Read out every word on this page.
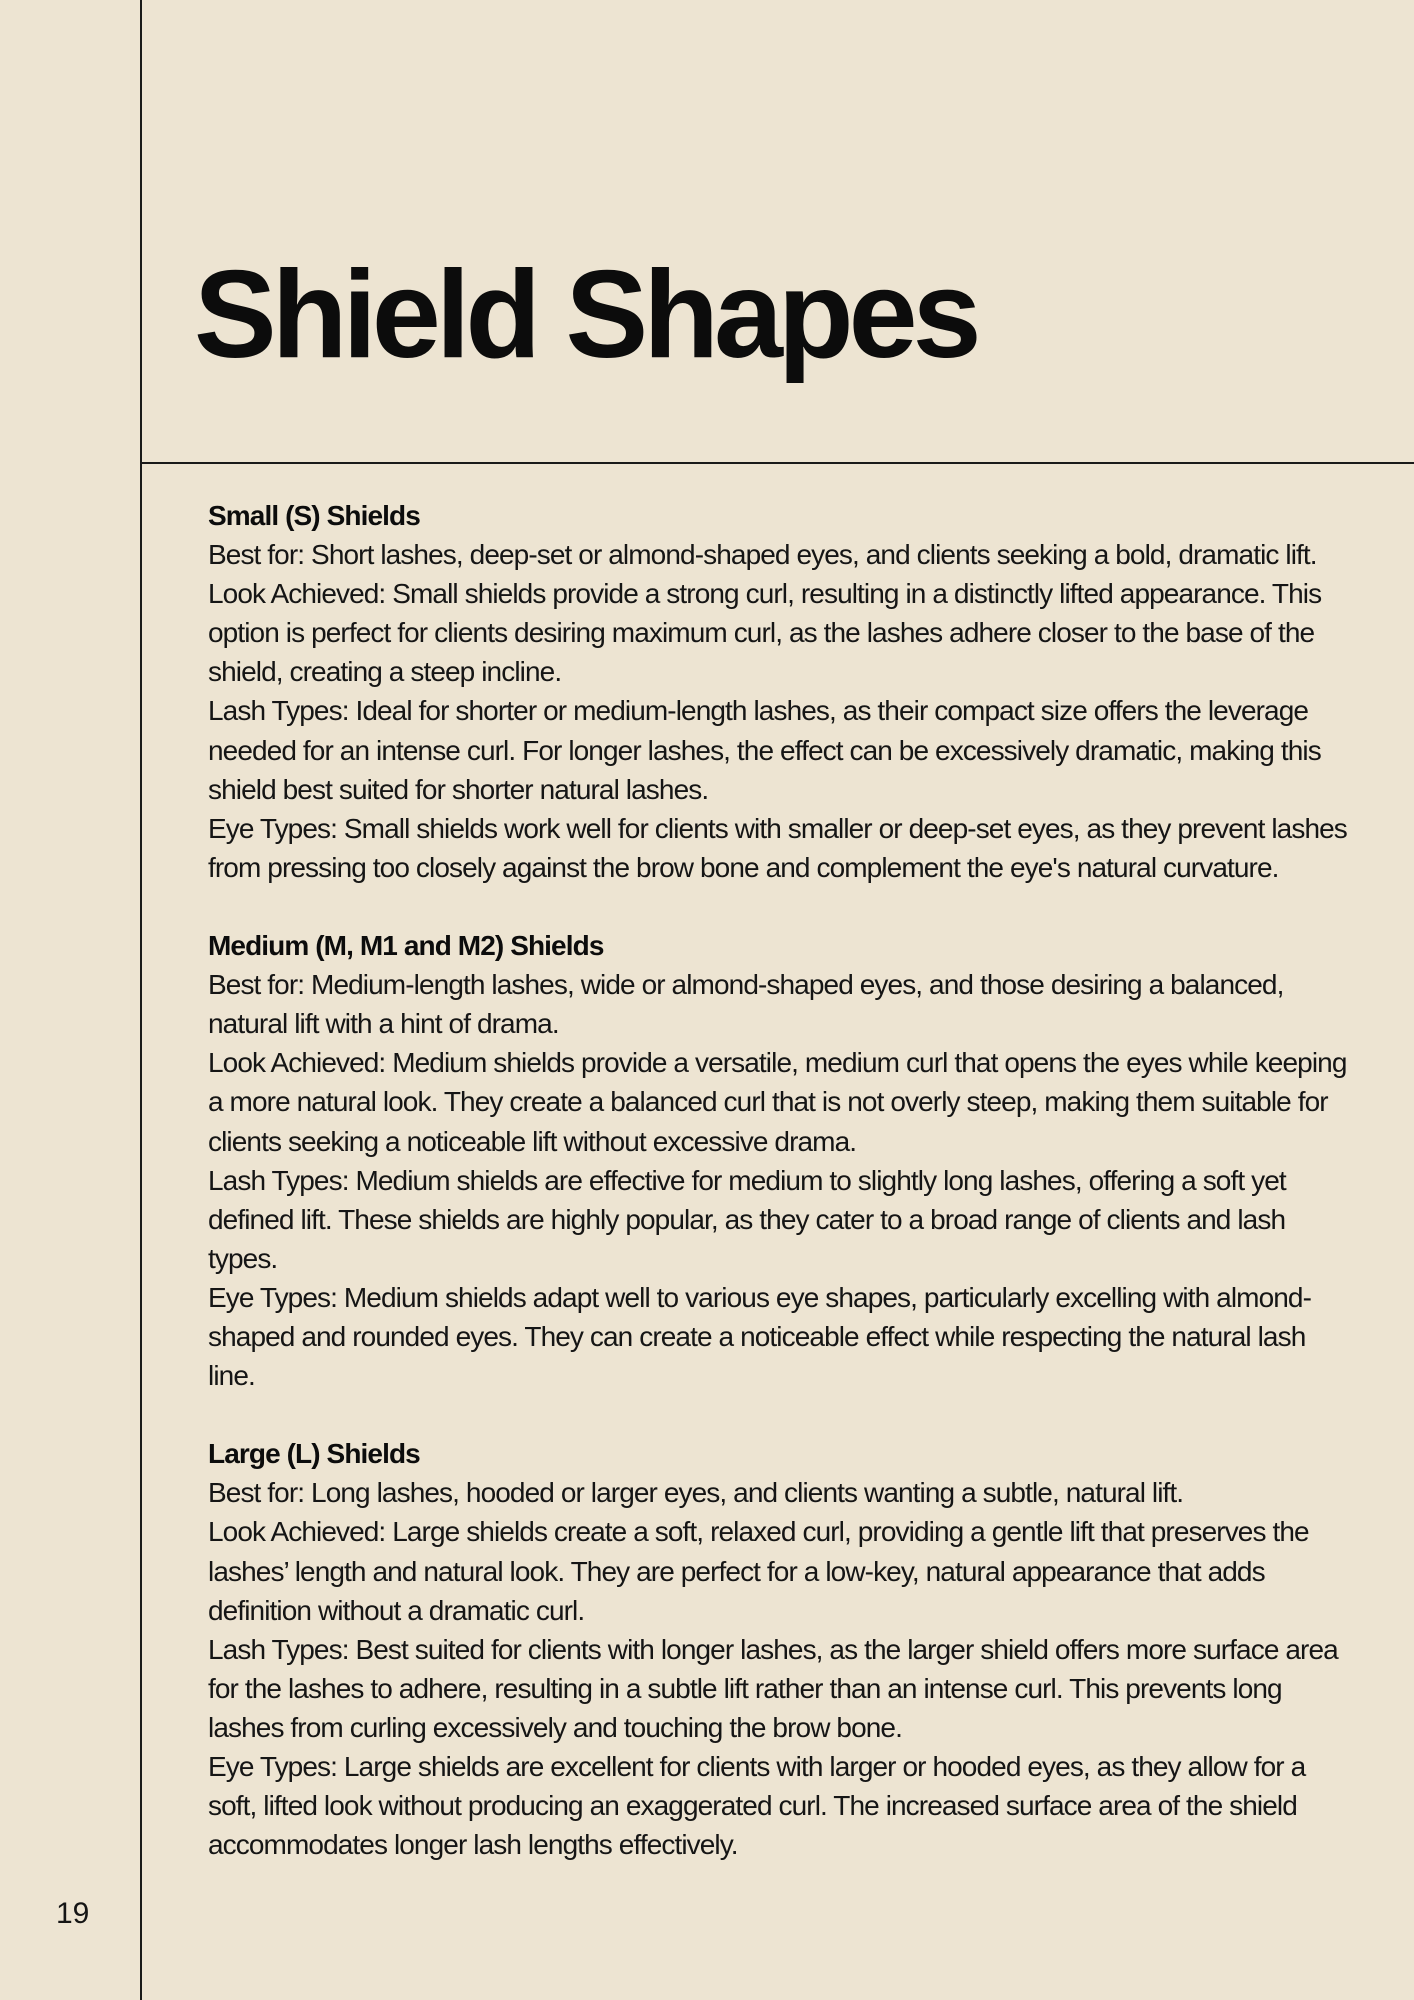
Shield Shapes

Small (S) Shields

Best for: Short lashes, deep-set or almond-shaped eyes, and clients seeking a bold, dramatic lift.

Look Achieved: Small shields provide a strong curl, resulting in a distinctly lifted appearance. This option is perfect for clients desiring maximum curl, as the lashes adhere closer to the base of the shield, creating a steep incline.

Lash Types: Ideal for shorter or medium-length lashes, as their compact size offers the leverage needed for an intense curl. For longer lashes, the effect can be excessively dramatic, making this shield best suited for shorter natural lashes.

Eye Types: Small shields work well for clients with smaller or deep-set eyes, as they prevent lashes from pressing too closely against the brow bone and complement the eye's natural curvature.

Medium (M, M1 and M2) Shields

Best for: Medium-length lashes, wide or almond-shaped eyes, and those desiring a balanced, natural lift with a hint of drama.

Look Achieved: Medium shields provide a versatile, medium curl that opens the eyes while keeping a more natural look. They create a balanced curl that is not overly steep, making them suitable for clients seeking a noticeable lift without excessive drama.

Lash Types: Medium shields are effective for medium to slightly long lashes, offering a soft yet defined lift. These shields are highly popular, as they cater to a broad range of clients and lash types.

Eye Types: Medium shields adapt well to various eye shapes, particularly excelling with almond-shaped and rounded eyes. They can create a noticeable effect while respecting the natural lash line.

Large (L) Shields

Best for: Long lashes, hooded or larger eyes, and clients wanting a subtle, natural lift.

Look Achieved: Large shields create a soft, relaxed curl, providing a gentle lift that preserves the lashes’ length and natural look. They are perfect for a low-key, natural appearance that adds definition without a dramatic curl.

Lash Types: Best suited for clients with longer lashes, as the larger shield offers more surface area for the lashes to adhere, resulting in a subtle lift rather than an intense curl. This prevents long lashes from curling excessively and touching the brow bone.

Eye Types: Large shields are excellent for clients with larger or hooded eyes, as they allow for a soft, lifted look without producing an exaggerated curl. The increased surface area of the shield accommodates longer lash lengths effectively.

19
